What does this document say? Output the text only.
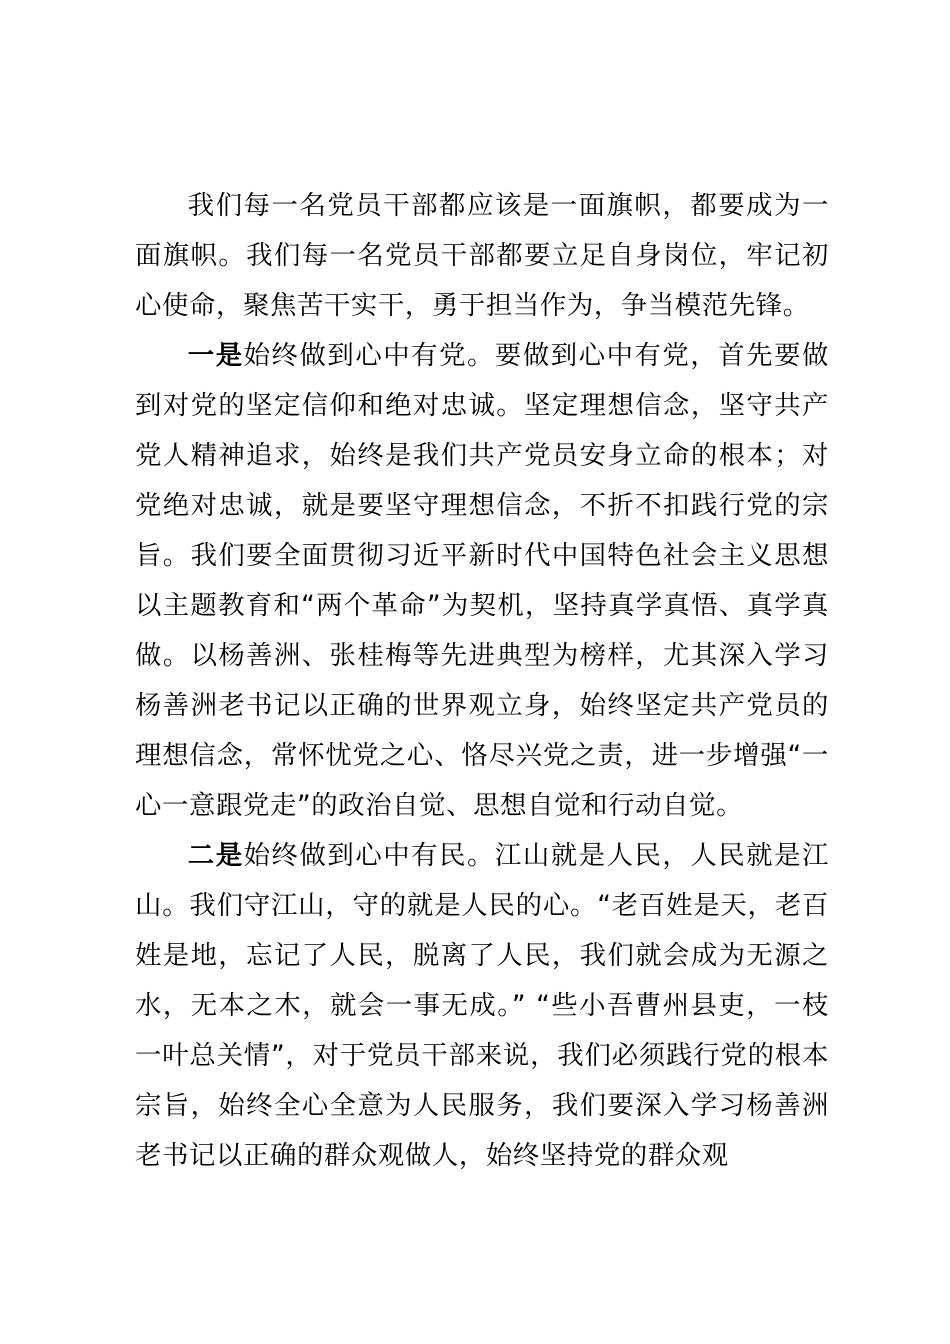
我们每一名党员干部都应该是一面旗帜，都要成为一面旗帜。我们每一名党员干部都要立足自身岗位，牢记初心使命，聚焦苦干实干，勇于担当作为，争当模范先锋。

一是始终做到心中有党。要做到心中有党，首先要做到对党的坚定信仰和绝对忠诚。坚定理想信念，坚守共产党人精神追求，始终是我们共产党员安身立命的根本；对党绝对忠诚，就是要坚守理想信念，不折不扣践行党的宗旨。我们要全面贯彻习近平新时代中国特色社会主义思想以主题教育和“两个革命”为契机，坚持真学真悟、真学真做。以杨善洲、张桂梅等先进典型为榜样，尤其深入学习杨善洲老书记以正确的世界观立身，始终坚定共产党员的理想信念，常怀忧党之心、恪尽兴党之责，进一步增强“一心一意跟党走”的政治自觉、思想自觉和行动自觉。

二是始终做到心中有民。江山就是人民，人民就是江山。我们守江山，守的就是人民的心。“老百姓是天，老百姓是地，忘记了人民，脱离了人民，我们就会成为无源之水，无本之木，就会一事无成。” “些小吾曹州县吏，一枝一叶总关情”，对于党员干部来说，我们必须践行党的根本宗旨，始终全心全意为人民服务，我们要深入学习杨善洲老书记以正确的群众观做人，始终坚持党的群众观
